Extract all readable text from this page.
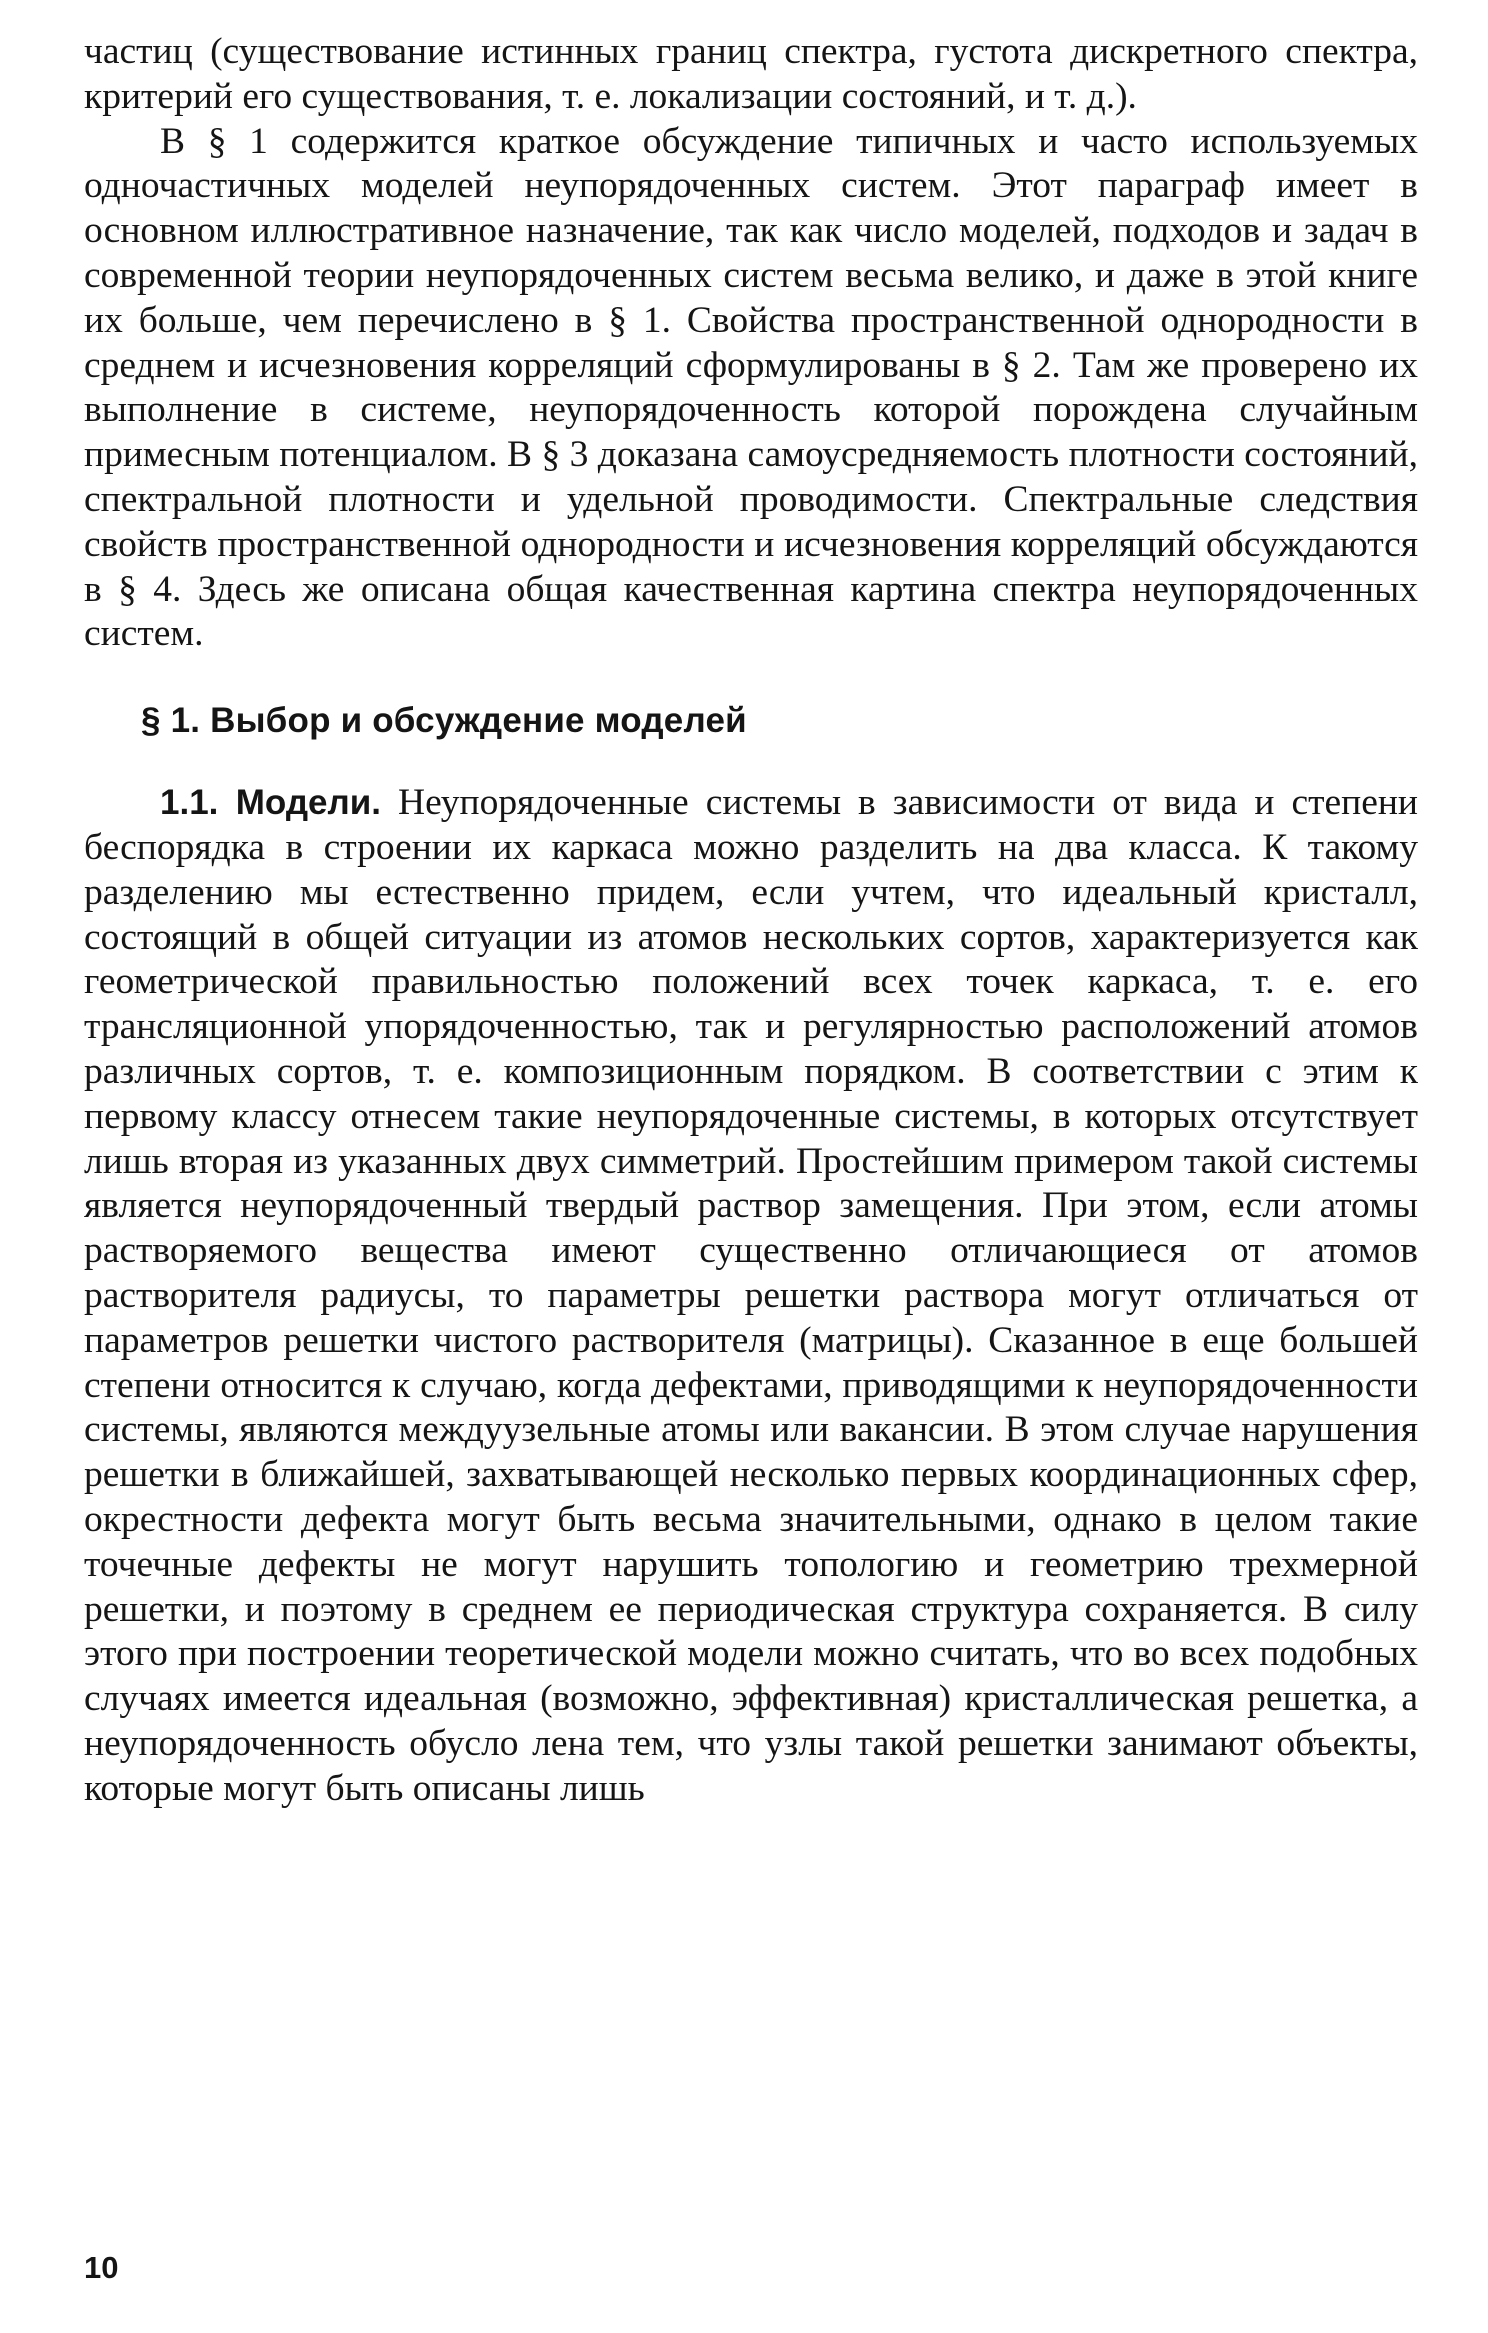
частиц (существование истинных границ спектра, густота дискретного спектра, критерий его существования, т. е. локализации состояний, и т. д.).

В § 1 содержится краткое обсуждение типичных и часто используемых одночастичных моделей неупорядоченных систем. Этот параграф имеет в основном иллюстративное назначение, так как число моделей, подходов и задач в современной теории неупорядоченных систем весьма велико, и даже в этой книге их больше, чем перечислено в § 1. Свойства пространственной однородности в среднем и исчезновения корреляций сформулированы в § 2. Там же проверено их выполнение в системе, неупорядоченность которой порождена случайным примесным потенциалом. В § 3 доказана самоусредняемость плотности состояний, спектральной плотности и удельной проводимости. Спектральные следствия свойств пространственной однородности и исчезновения корреляций обсуждаются в § 4. Здесь же описана общая качественная картина спектра неупорядоченных систем.

§ 1. Выбор и обсуждение моделей

1.1. Модели. Неупорядоченные системы в зависимости от вида и степени беспорядка в строении их каркаса можно разделить на два класса. К такому разделению мы естественно придем, если учтем, что идеальный кристалл, состоящий в общей ситуации из атомов нескольких сортов, характеризуется как геометрической правильностью положений всех точек каркаса, т. е. его трансляционной упорядоченностью, так и регулярностью расположений атомов различных сортов, т. е. композиционным порядком. В соответствии с этим к первому классу отнесем такие неупорядоченные системы, в которых отсутствует лишь вторая из указанных двух симметрий. Простейшим примером такой системы является неупорядоченный твердый раствор замещения. При этом, если атомы растворяемого вещества имеют существенно отличающиеся от атомов растворителя радиусы, то параметры решетки раствора могут отличаться от параметров решетки чистого растворителя (матрицы). Сказанное в еще большей степени относится к случаю, когда дефектами, приводящими к неупорядоченности системы, являются междуузельные атомы или вакансии. В этом случае нарушения решетки в ближайшей, захватывающей несколько первых координационных сфер, окрестности дефекта могут быть весьма значительными, однако в целом такие точечные дефекты не могут нарушить топологию и геометрию трехмерной решетки, и поэтому в среднем ее периодическая структура сохраняется. В силу этого при построении теоретической модели можно считать, что во всех подобных случаях имеется идеальная (возможно, эффективная) кристаллическая решетка, а неупорядоченность обусло лена тем, что узлы такой решетки занимают объекты, которые могут быть описаны лишь

10
